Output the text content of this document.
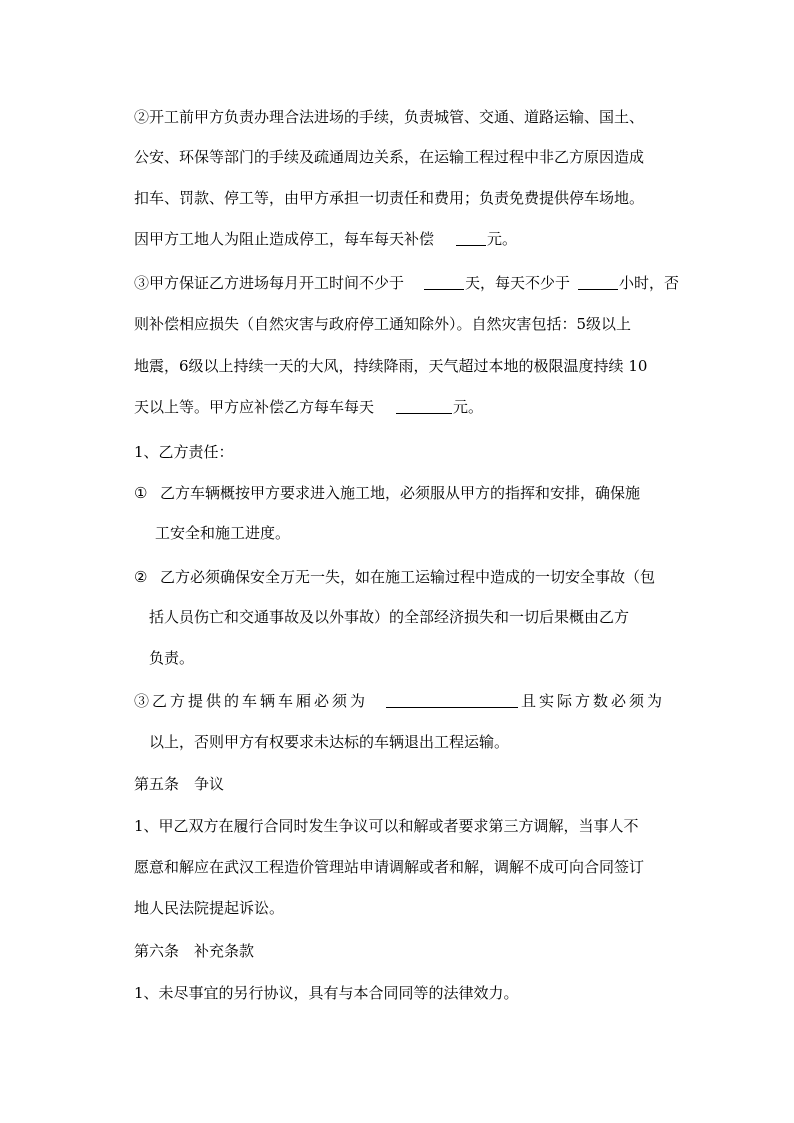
②开工前甲方负责办理合法进场的手续，负责城管、交通、道路运输、国土、
公安、环保等部门的手续及疏通周边关系，在运输工程过程中非乙方原因造成
扣车、罚款、停工等，由甲方承担一切责任和费用；负责免费提供停车场地。
因甲方工地人为阻止造成停工，每车每天补偿	元。
③甲方保证乙方进场每月开工时间不少于	天，每天不少于	小时，否
则补偿相应损失（自然灾害与政府停工通知除外）。自然灾害包括：5级以上
地震，6级以上持续一天的大风，持续降雨，天气超过本地的极限温度持续 10
天以上等。甲方应补偿乙方每车每天	元。
1、乙方责任：
① 乙方车辆概按甲方要求进入施工地，必须服从甲方的指挥和安排，确保施
工安全和施工进度。
② 乙方必须确保安全万无一失，如在施工运输过程中造成的一切安全事故（包
括人员伤亡和交通事故及以外事故）的全部经济损失和一切后果概由乙方
负责。
③乙方提供的车辆车厢必须为	且实际方数必须为
以上，否则甲方有权要求未达标的车辆退出工程运输。
第五条　争议
1、甲乙双方在履行合同时发生争议可以和解或者要求第三方调解，当事人不
愿意和解应在武汉工程造价管理站申请调解或者和解，调解不成可向合同签订
地人民法院提起诉讼。
第六条　补充条款
1、未尽事宜的另行协议，具有与本合同同等的法律效力。
